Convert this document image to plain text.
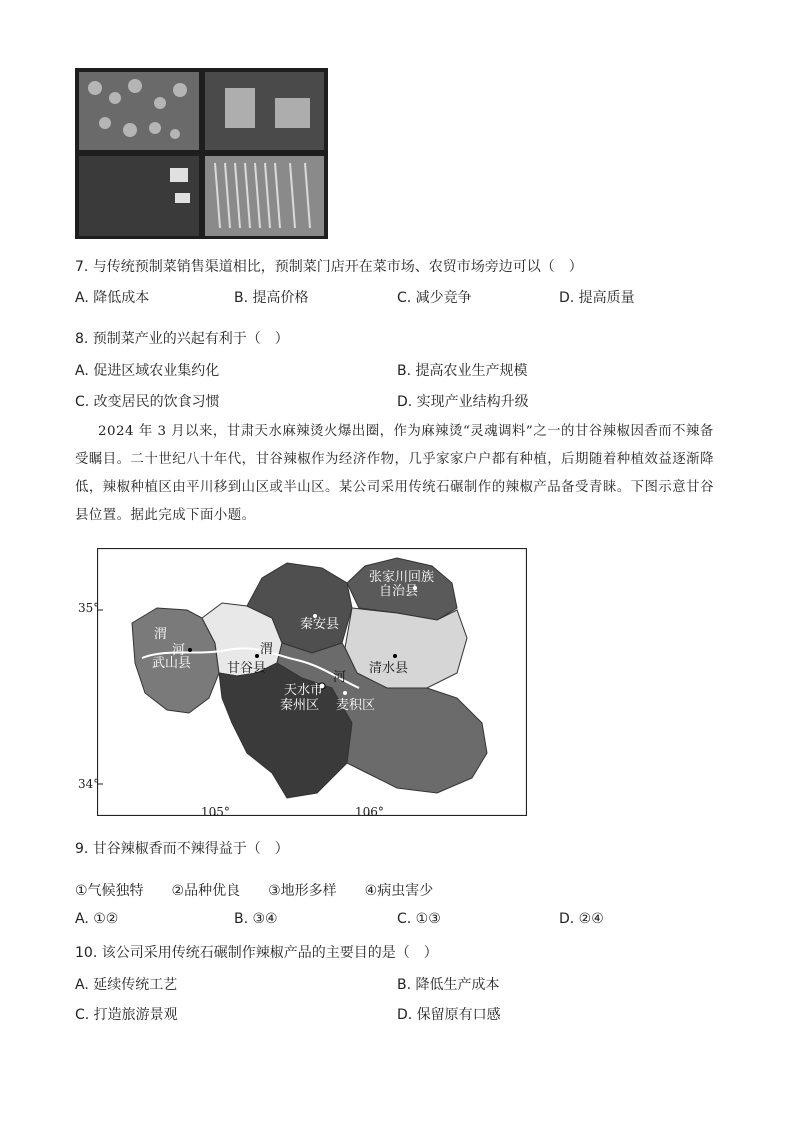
7. 与传统预制菜销售渠道相比，预制菜门店开在菜市场、农贸市场旁边可以（　）
A. 降低成本	B. 提高价格	C. 减少竞争	D. 提高质量
8. 预制菜产业的兴起有利于（　）
A. 促进区域农业集约化	B. 提高农业生产规模
C. 改变居民的饮食习惯	D. 实现产业结构升级
2024 年 3 月以来，甘肃天水麻辣烫火爆出圈，作为麻辣烫“灵魂调料”之一的甘谷辣椒因香而不辣备
受瞩目。二十世纪八十年代，甘谷辣椒作为经济作物，几乎家家户户都有种植，后期随着种植效益逐渐降
低，辣椒种植区由平川移到山区或半山区。某公司采用传统石碾制作的辣椒产品备受青睐。下图示意甘谷
县位置。据此完成下面小题。
张家川回族
自治县
秦安县
清水县
渭
河
武山县
渭
甘谷县
河
天水市
秦州区 麦积区
图例
河流
市(州)政府驻地
县(区、市)政府驻地
35°
34°
105°	106°
9. 甘谷辣椒香而不辣得益于（　）
①气候独特　　②品种优良　　③地形多样　　④病虫害少
A. ①②	B. ③④	C. ①③	D. ②④
10. 该公司采用传统石碾制作辣椒产品的主要目的是（　）
A. 延续传统工艺	B. 降低生产成本
C. 打造旅游景观	D. 保留原有口感
